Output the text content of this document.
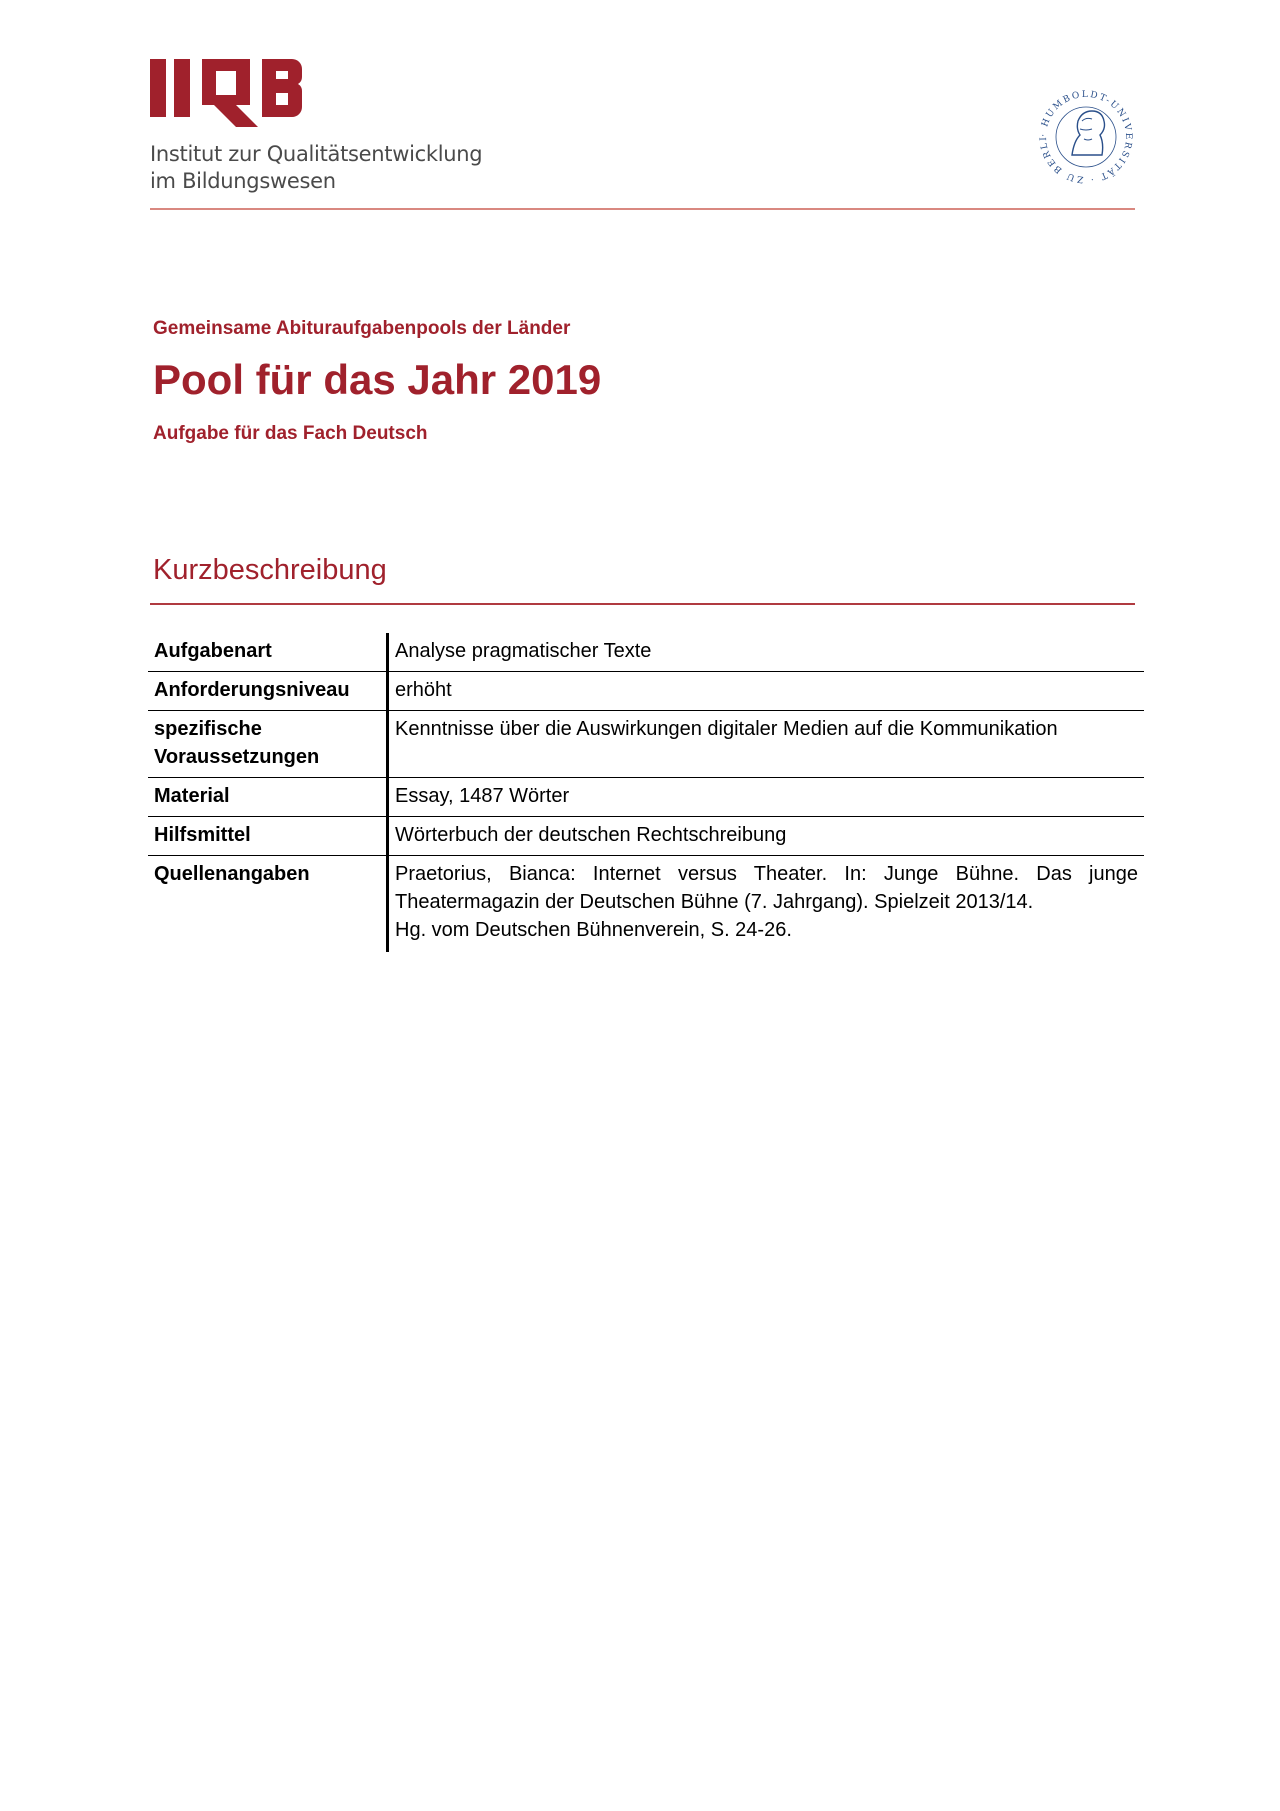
Institut zur Qualitätsentwicklung
im Bildungswesen
· HUMBOLDT-UNIVERSITÄT · ZU BERLI
Gemeinsame Abituraufgabenpools der Länder
Pool für das Jahr 2019
Aufgabe für das Fach Deutsch
Kurzbeschreibung
Aufgabenart	Analyse pragmatischer Texte
Anforderungsniveau	erhöht
spezifische Voraussetzungen	Kenntnisse über die Auswirkungen digitaler Medien auf die Kommunikation
Material	Essay, 1487 Wörter
Hilfsmittel	Wörterbuch der deutschen Rechtschreibung
Quellenangaben	Praetorius, Bianca: Internet versus Theater. In: Junge Bühne. Das junge
Theatermagazin der Deutschen Bühne (7. Jahrgang). Spielzeit 2013/14.
Hg. vom Deutschen Bühnenverein, S. 24-26.
